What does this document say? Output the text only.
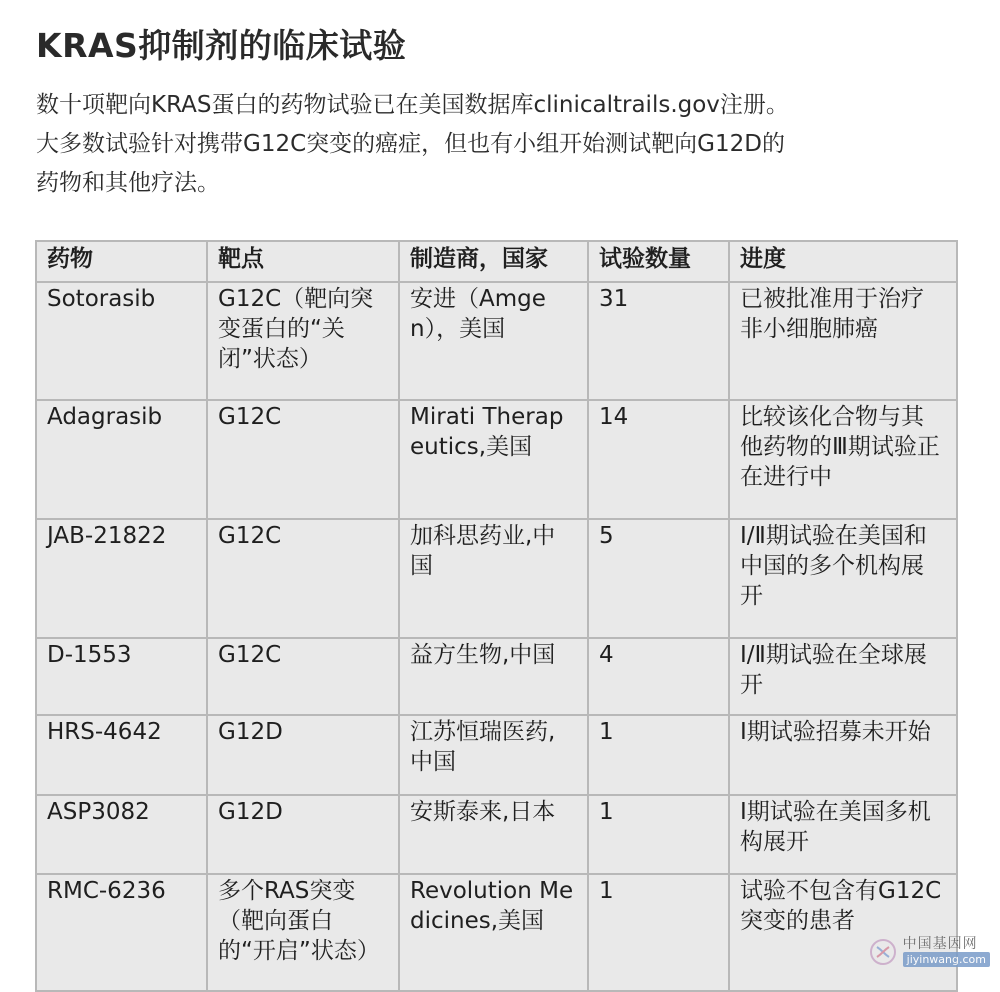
KRAS抑制剂的临床试验
数十项靶向KRAS蛋白的药物试验已在美国数据库clinicaltrails.gov注册。
大多数试验针对携带G12C突变的癌症，但也有小组开始测试靶向G12D的
药物和其他疗法。
药物	靶点	制造商，国家	试验数量	进度

Sotorasib	G12C（靶向突变蛋白的“关闭”状态）	安进（Amgen），美国	31	已被批准用于治疗非小细胞肺癌

Adagrasib	G12C	Mirati Therapeutics,美国	14	比较该化合物与其他药物的Ⅲ期试验正在进行中

JAB-21822	G12C	加科思药业,中国	5	Ⅰ/Ⅱ期试验在美国和中国的多个机构展开

D-1553	G12C	益方生物,中国	4	Ⅰ/Ⅱ期试验在全球展开

HRS-4642	G12D	江苏恒瑞医药,中国	1	Ⅰ期试验招募未开始

ASP3082	G12D	安斯泰来,日本	1	Ⅰ期试验在美国多机构展开

RMC-6236	多个RAS突变（靶向蛋白的“开启”状态）	Revolution Medicines,美国	1	试验不包含有G12C突变的患者
中国基因网
jiyinwang.com
